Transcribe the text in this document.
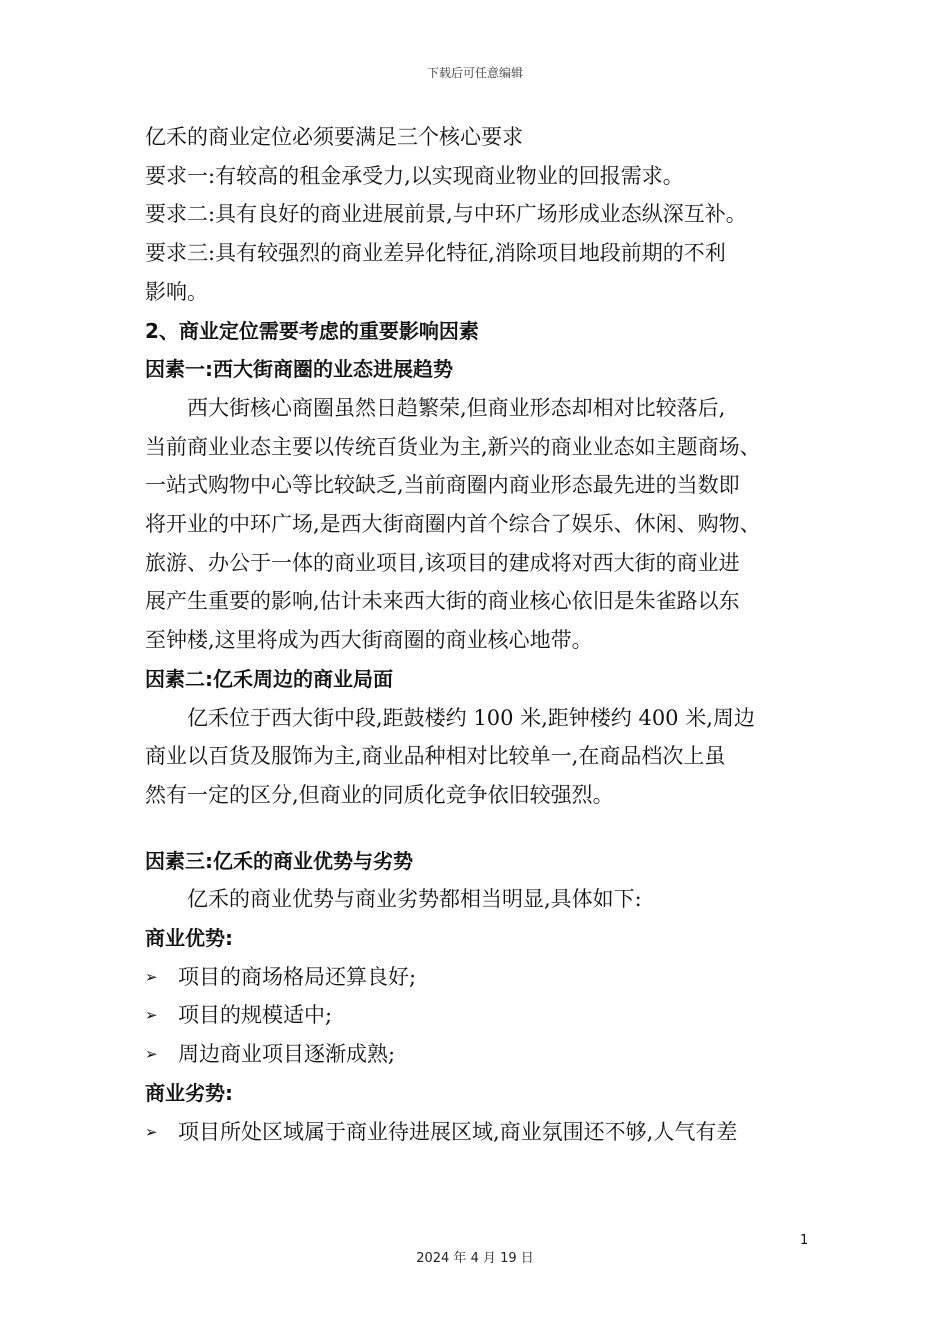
下载后可任意编辑

亿禾的商业定位必须要满足三个核心要求

要求一:有较高的租金承受力,以实现商业物业的回报需求。

要求二:具有良好的商业进展前景,与中环广场形成业态纵深互补。

要求三:具有较强烈的商业差异化特征,消除项目地段前期的不利

影响。

2、商业定位需要考虑的重要影响因素

因素一:西大街商圈的业态进展趋势

西大街核心商圈虽然日趋繁荣,但商业形态却相对比较落后,

当前商业业态主要以传统百货业为主,新兴的商业业态如主题商场、

一站式购物中心等比较缺乏,当前商圈内商业形态最先进的当数即

将开业的中环广场,是西大街商圈内首个综合了娱乐、休闲、购物、

旅游、办公于一体的商业项目,该项目的建成将对西大街的商业进

展产生重要的影响,估计未来西大街的商业核心依旧是朱雀路以东

至钟楼,这里将成为西大街商圈的商业核心地带。

因素二:亿禾周边的商业局面

亿禾位于西大街中段,距鼓楼约 100 米,距钟楼约 400 米,周边

商业以百货及服饰为主,商业品种相对比较单一,在商品档次上虽

然有一定的区分,但商业的同质化竞争依旧较强烈。

因素三:亿禾的商业优势与劣势

亿禾的商业优势与商业劣势都相当明显,具体如下:

商业优势:

➢ 项目的商场格局还算良好;
➢ 项目的规模适中;
➢ 周边商业项目逐渐成熟;

商业劣势:

➢ 项目所处区域属于商业待进展区域,商业氛围还不够,人气有差
1
2024 年 4 月 19 日
